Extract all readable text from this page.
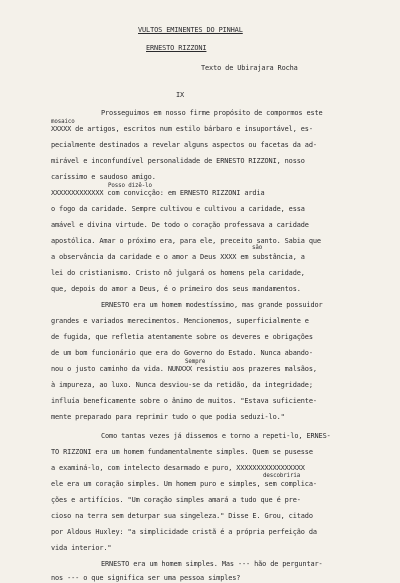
VULTOS EMINENTES DO PINHAL
ERNESTO RIZZONI
Texto de Ubirajara Rocha
IX
Prosseguimos em nosso firme propósito de compormos este
mosaico
XXXXX de artigos, escritos num estilo bárbaro e insuportável, es-
pecialmente destinados a revelar alguns aspectos ou facetas da ad-
mirável e inconfundível personalidade de ERNESTO RIZZONI, nosso
caríssimo e saudoso amigo.
Posso dizê-lo
XXXXXXXXXXXXX com convicção: em ERNESTO RIZZONI ardia
o fogo da caridade. Sempre cultivou e cultivou a caridade, essa
amável e divina virtude. De todo o coração professava a caridade
apostólica. Amar o próximo era, para ele, preceito santo. Sabia que
são
a observância da caridade e o amor a Deus XXXX em substância, a
lei do cristianismo. Cristo nô julgará os homens pela caridade,
que, depois do amor a Deus, é o primeiro dos seus mandamentos.
ERNESTO era um homem modestíssimo, mas grande possuidor
grandes e variados merecimentos. Mencionemos, superficialmente e
de fugida, que refletia atentamente sobre os deveres e obrigações
de um bom funcionário que era do Governo do Estado. Nunca abando-
Sempre
nou o justo caminho da vida. NUNXXX resistiu aos prazeres malsãos,
à impureza, ao luxo. Nunca desviou-se da retidão, da integridade;
influía beneficamente sobre o ânimo de muitos. "Estava suficiente-
mente preparado para reprimir tudo o que podia seduzi-lo."
Como tantas vezes já dissemos e torno a repeti-lo, ERNES-
TO RIZZONI era um homem fundamentalmente simples. Quem se pusesse
a examiná-lo, com intelecto desarmado e puro, XXXXXXXXXXXXXXXXX
descobriria
ele era um coração simples. Um homem puro e simples, sem complica-
ções e artifícios. "Um coração simples amará a tudo que é pre-
cioso na terra sem deturpar sua singeleza." Disse E. Grou, citado
por Aldous Huxley: "a simplicidade cristã é a própria perfeição da
vida interior."
ERNESTO era um homem simples. Mas --- hão de perguntar-
nos --- o que significa ser uma pessoa simples?
